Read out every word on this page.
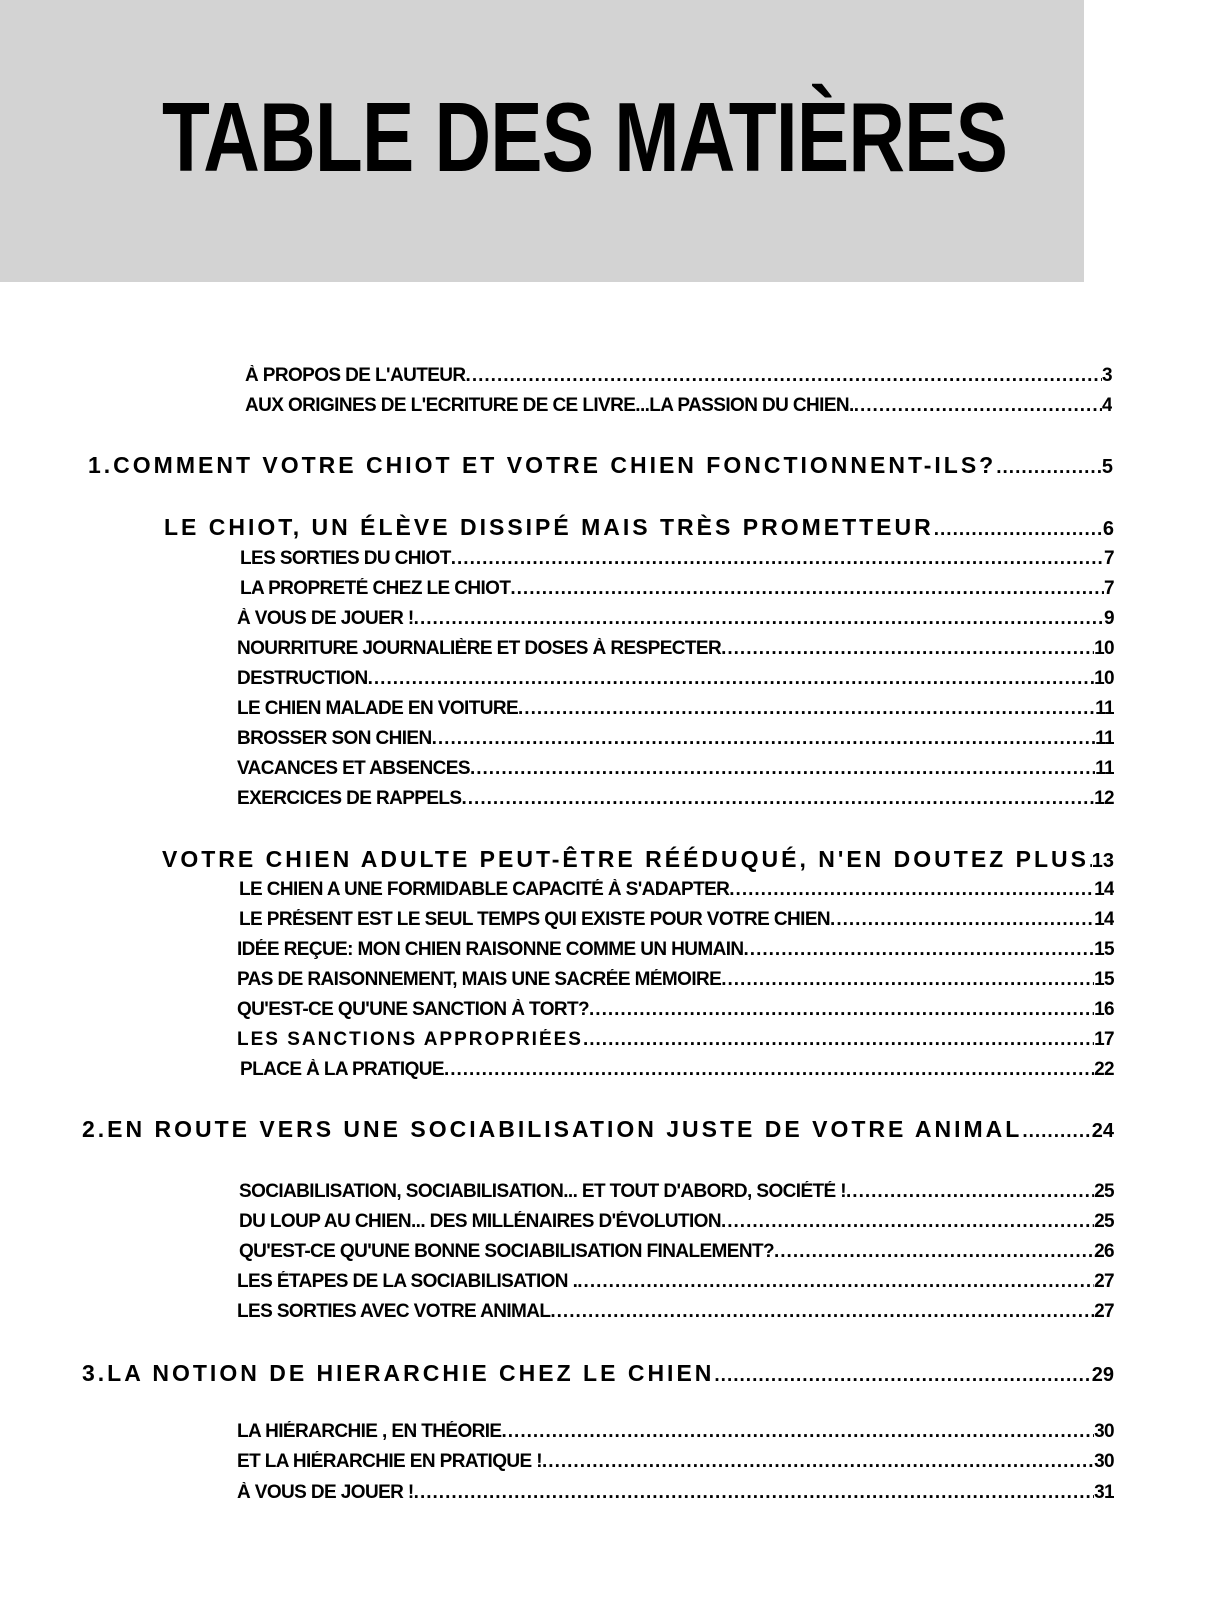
TABLE DES MATIÈRES
À PROPOS DE L'AUTEUR .....	3
AUX ORIGINES DE L'ECRITURE DE CE LIVRE...LA PASSION DU CHIEN. .....	4
1.COMMENT VOTRE CHIOT ET VOTRE CHIEN FONCTIONNENT-ILS? .....	5
LE CHIOT, UN ÉLÈVE DISSIPÉ MAIS TRÈS PROMETTEUR .....	6
LES SORTIES DU CHIOT .....	7
LA PROPRETÉ CHEZ LE CHIOT .....	7
À VOUS DE JOUER ! .....	9
NOURRITURE JOURNALIÈRE ET DOSES À RESPECTER .....	10
DESTRUCTION .....	10
LE CHIEN MALADE EN VOITURE .....	11
BROSSER SON CHIEN .....	11
VACANCES ET ABSENCES .....	11
EXERCICES DE RAPPELS .....	12
VOTRE CHIEN ADULTE PEUT-ÊTRE RÉÉDUQUÉ, N'EN DOUTEZ PLUS ..... 13
LE CHIEN A UNE FORMIDABLE CAPACITÉ À S'ADAPTER .....	14
LE PRÉSENT EST LE SEUL TEMPS QUI EXISTE POUR VOTRE CHIEN .....	14
IDÉE REÇUE: MON CHIEN RAISONNE COMME UN HUMAIN .....	15
PAS DE RAISONNEMENT, MAIS UNE SACRÉE MÉMOIRE .....	15
QU'EST-CE QU'UNE SANCTION À TORT? .....	16
LES SANCTIONS APPROPRIÉES .....	17
PLACE À LA PRATIQUE .....	22
2.EN ROUTE VERS UNE SOCIABILISATION JUSTE DE VOTRE ANIMAL .....	24
SOCIABILISATION, SOCIABILISATION... ET TOUT D'ABORD, SOCIÉTÉ ! .....	25
DU LOUP AU CHIEN... DES MILLÉNAIRES D'ÉVOLUTION .....	25
QU'EST-CE QU'UNE BONNE SOCIABILISATION FINALEMENT? .....	26
LES ÉTAPES DE LA SOCIABILISATION . .....	27
LES SORTIES AVEC VOTRE ANIMAL .....	27
3.LA NOTION DE HIERARCHIE CHEZ LE CHIEN .....	29
LA HIÉRARCHIE , EN THÉORIE .....	30
ET LA HIÉRARCHIE EN PRATIQUE ! .....	30
À VOUS DE JOUER ! .....	31
